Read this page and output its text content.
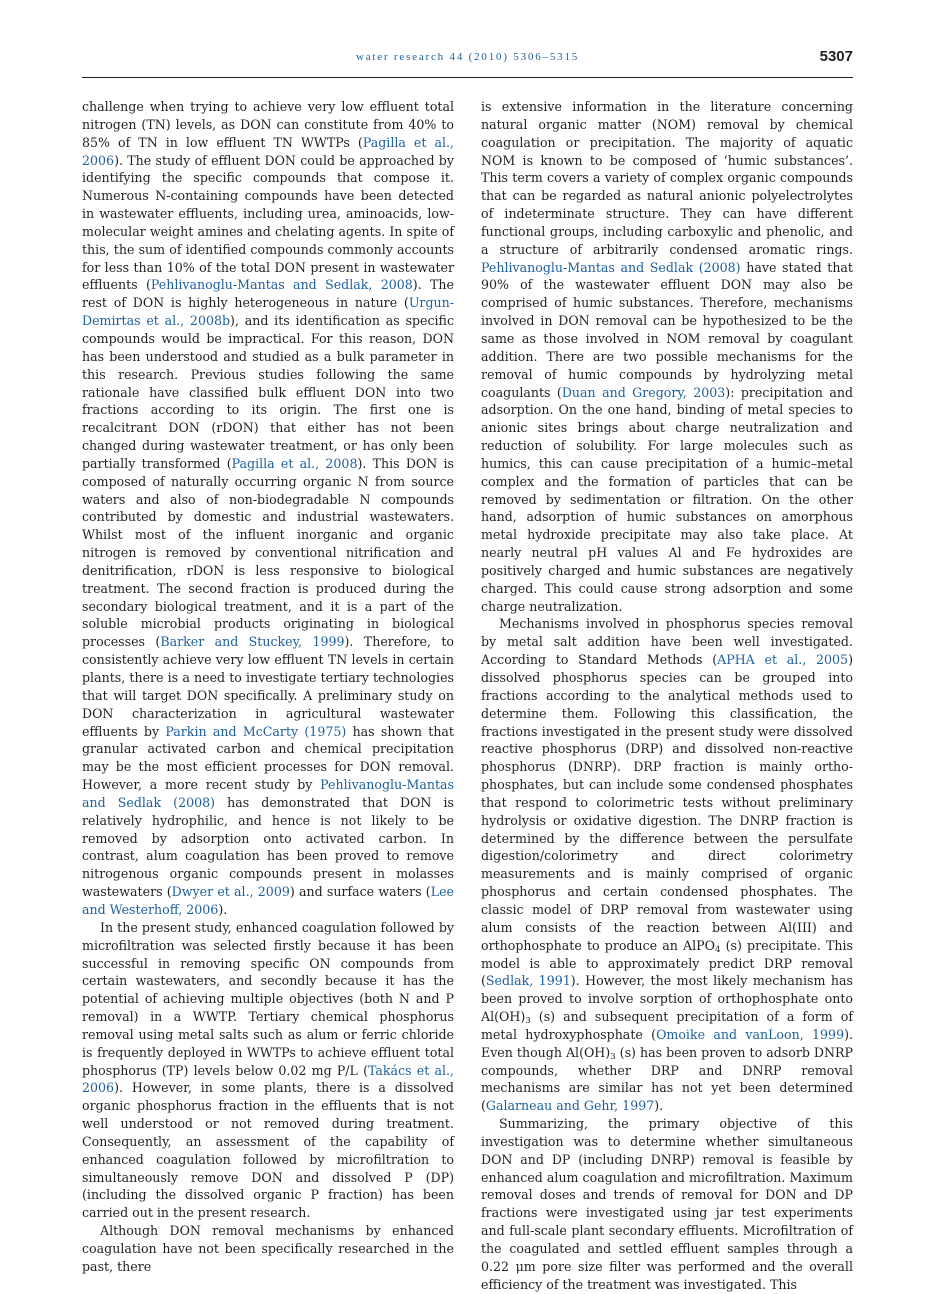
water research 44 (2010) 5306–5315	5307

challenge when trying to achieve very low effluent total nitrogen (TN) levels, as DON can constitute from 40% to 85% of TN in low effluent TN WWTPs (Pagilla et al., 2006). The study of effluent DON could be approached by identifying the specific compounds that compose it. Numerous N-containing compounds have been detected in wastewater effluents, including urea, aminoacids, low-molecular weight amines and chelating agents. In spite of this, the sum of identified compounds commonly accounts for less than 10% of the total DON present in wastewater effluents (Pehlivanoglu-Mantas and Sedlak, 2008). The rest of DON is highly heterogeneous in nature (Urgun-Demirtas et al., 2008b), and its identification as specific compounds would be impractical. For this reason, DON has been understood and studied as a bulk parameter in this research. Previous studies following the same rationale have classified bulk effluent DON into two fractions according to its origin. The first one is recalcitrant DON (rDON) that either has not been changed during wastewater treatment, or has only been partially transformed (Pagilla et al., 2008). This DON is composed of naturally occurring organic N from source waters and also of non-biodegradable N compounds contributed by domestic and industrial wastewaters. Whilst most of the influent inorganic and organic nitrogen is removed by conventional nitrification and denitrification, rDON is less responsive to biological treatment. The second fraction is produced during the secondary biological treatment, and it is a part of the soluble microbial products originating in biological processes (Barker and Stuckey, 1999). Therefore, to consistently achieve very low effluent TN levels in certain plants, there is a need to investigate tertiary technologies that will target DON specifically. A preliminary study on DON characterization in agricultural wastewater effluents by Parkin and McCarty (1975) has shown that granular activated carbon and chemical precipitation may be the most efficient processes for DON removal. However, a more recent study by Pehlivanoglu-Mantas and Sedlak (2008) has demonstrated that DON is relatively hydrophilic, and hence is not likely to be removed by adsorption onto activated carbon. In contrast, alum coagulation has been proved to remove nitrogenous organic compounds present in molasses wastewaters (Dwyer et al., 2009) and surface waters (Lee and Westerhoff, 2006).

In the present study, enhanced coagulation followed by microfiltration was selected firstly because it has been successful in removing specific ON compounds from certain wastewaters, and secondly because it has the potential of achieving multiple objectives (both N and P removal) in a WWTP. Tertiary chemical phosphorus removal using metal salts such as alum or ferric chloride is frequently deployed in WWTPs to achieve effluent total phosphorus (TP) levels below 0.02 mg P/L (Takács et al., 2006). However, in some plants, there is a dissolved organic phosphorus fraction in the effluents that is not well understood or not removed during treatment. Consequently, an assessment of the capability of enhanced coagulation followed by microfiltration to simultaneously remove DON and dissolved P (DP) (including the dissolved organic P fraction) has been carried out in the present research.

Although DON removal mechanisms by enhanced coagulation have not been specifically researched in the past, there

is extensive information in the literature concerning natural organic matter (NOM) removal by chemical coagulation or precipitation. The majority of aquatic NOM is known to be composed of ‘humic substances’. This term covers a variety of complex organic compounds that can be regarded as natural anionic polyelectrolytes of indeterminate structure. They can have different functional groups, including carboxylic and phenolic, and a structure of arbitrarily condensed aromatic rings. Pehlivanoglu-Mantas and Sedlak (2008) have stated that 90% of the wastewater effluent DON may also be comprised of humic substances. Therefore, mechanisms involved in DON removal can be hypothesized to be the same as those involved in NOM removal by coagulant addition. There are two possible mechanisms for the removal of humic compounds by hydrolyzing metal coagulants (Duan and Gregory, 2003): precipitation and adsorption. On the one hand, binding of metal species to anionic sites brings about charge neutralization and reduction of solubility. For large molecules such as humics, this can cause precipitation of a humic–metal complex and the formation of particles that can be removed by sedimentation or filtration. On the other hand, adsorption of humic substances on amorphous metal hydroxide precipitate may also take place. At nearly neutral pH values Al and Fe hydroxides are positively charged and humic substances are negatively charged. This could cause strong adsorption and some charge neutralization.

Mechanisms involved in phosphorus species removal by metal salt addition have been well investigated. According to Standard Methods (APHA et al., 2005) dissolved phosphorus species can be grouped into fractions according to the analytical methods used to determine them. Following this classification, the fractions investigated in the present study were dissolved reactive phosphorus (DRP) and dissolved non-reactive phosphorus (DNRP). DRP fraction is mainly orthophosphates, but can include some condensed phosphates that respond to colorimetric tests without preliminary hydrolysis or oxidative digestion. The DNRP fraction is determined by the difference between the persulfate digestion/colorimetry and direct colorimetry measurements and is mainly comprised of organic phosphorus and certain condensed phosphates. The classic model of DRP removal from wastewater using alum consists of the reaction between Al(III) and orthophosphate to produce an AlPO$_4$ (s) precipitate. This model is able to approximately predict DRP removal (Sedlak, 1991). However, the most likely mechanism has been proved to involve sorption of orthophosphate onto $Al(OH)_3$ (s) and subsequent precipitation of a form of metal hydroxyphosphate (Omoike and vanLoon, 1999). Even though $Al(OH)_3$ (s) has been proven to adsorb DNRP compounds, whether DRP and DNRP removal mechanisms are similar has not yet been determined (Galarneau and Gehr, 1997).

Summarizing, the primary objective of this investigation was to determine whether simultaneous DON and DP (including DNRP) removal is feasible by enhanced alum coagulation and microfiltration. Maximum removal doses and trends of removal for DON and DP fractions were investigated using jar test experiments and full-scale plant secondary effluents. Microfiltration of the coagulated and settled effluent samples through a 0.22 μm pore size filter was performed and the overall efficiency of the treatment was investigated. This
